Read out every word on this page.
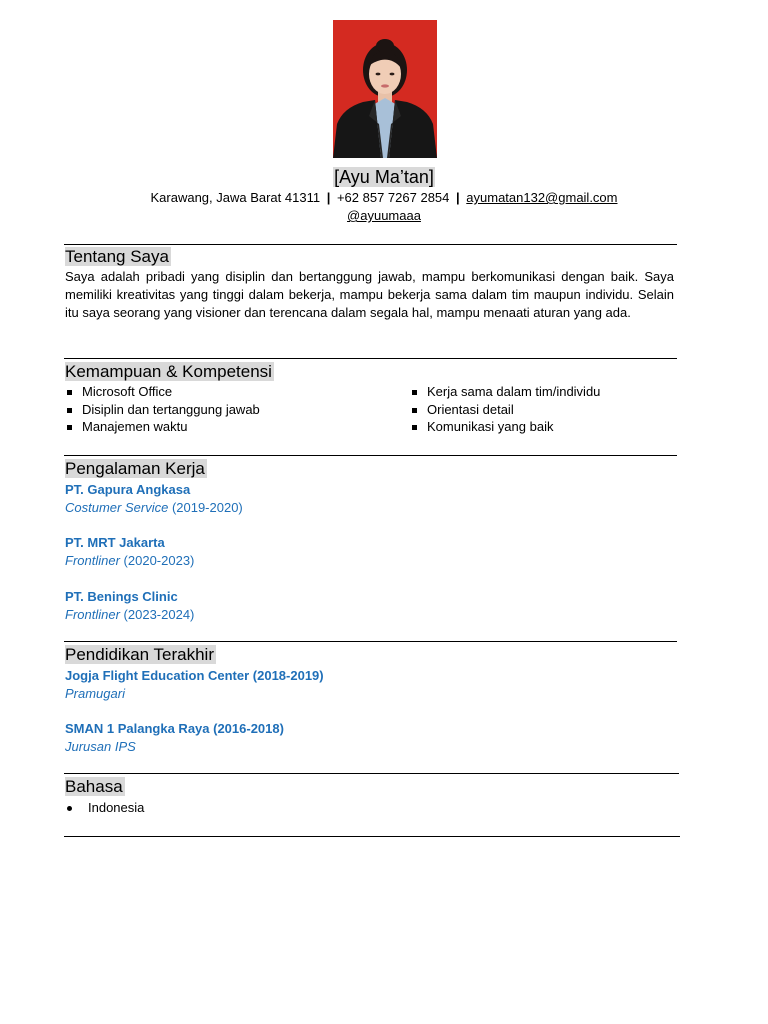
[Ayu Ma’tan]
Karawang, Jawa Barat 41311 | +62 857 7267 2854 | ayumatan132@gmail.com
@ayuumaaa
Tentang Saya
Saya adalah pribadi yang disiplin dan bertanggung jawab, mampu berkomunikasi dengan baik. Saya memiliki kreativitas yang tinggi dalam bekerja, mampu bekerja sama dalam tim maupun individu. Selain itu saya seorang yang visioner dan terencana dalam segala hal, mampu menaati aturan yang ada.
Kemampuan & Kompetensi
Microsoft Office
Disiplin dan tertanggung jawab
Manajemen waktu
Kerja sama dalam tim/individu
Orientasi detail
Komunikasi yang baik
Pengalaman Kerja
PT. Gapura Angkasa
Costumer Service (2019-2020)
PT. MRT Jakarta
Frontliner (2020-2023)
PT. Benings Clinic
Frontliner (2023-2024)
Pendidikan Terakhir
Jogja Flight Education Center (2018-2019)
Pramugari
SMAN 1 Palangka Raya (2016-2018)
Jurusan IPS
Bahasa
Indonesia
